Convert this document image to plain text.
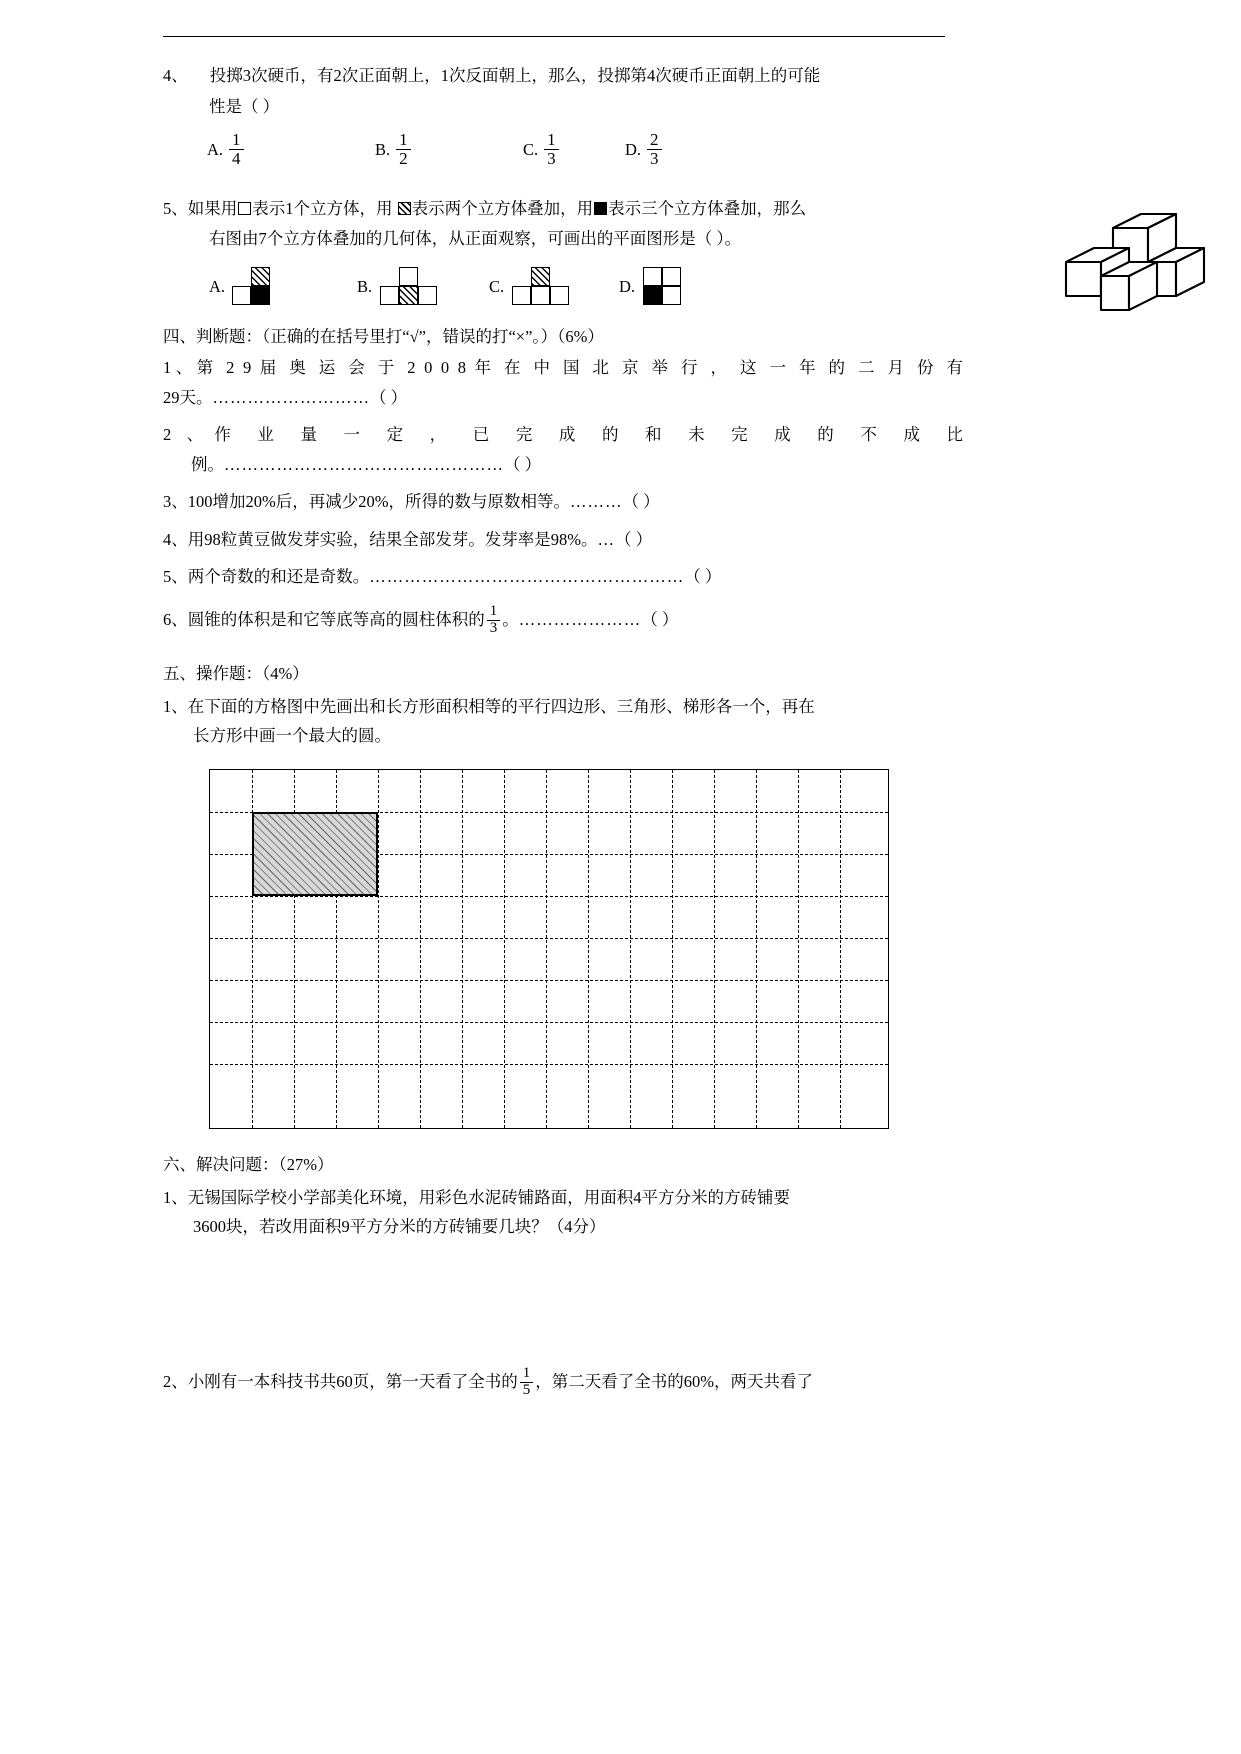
4、	投掷3次硬币，有2次正面朝上，1次反面朝上，那么，投掷第4次硬币正面朝上的可能
性是（ ）
A. $\frac{1}{4}$	B. $\frac{1}{2}$	C. $\frac{1}{3}$	D. $\frac{2}{3}$
5、如果用 表示1个立方体，用 表示两个立方体叠加，用 表示三个立方体叠加，那么
右图由7个立方体叠加的几何体，从正面观察，可画出的平面图形是（ ）。
A.	B.	C.	D.
四、判断题：（正确的在括号里打“√”，错误的打“×”。）（6%）
1、第 2 9 届 奥 运 会 于 2 0 0 8 年 在 中 国 北 京 举 行 ， 这 一 年 的 二 月 份 有
29天。………………………（ ）
2 、作 业 量 一 定 ， 已 完 成 的 和 未 完 成 的 不 成 比
例。…………………………………………（ ）
3、100增加20%后，再减少20%，所得的数与原数相等。………（ ）
4、用98粒黄豆做发芽实验，结果全部发芽。发芽率是98%。…（ ）
5、两个奇数的和还是奇数。………………………………………………（ ）
6、圆锥的体积是和它等底等高的圆柱体积的 $\frac{1}{3}$ 。…………………（ ）
五、操作题：（4%）
1、在下面的方格图中先画出和长方形面积相等的平行四边形、三角形、梯形各一个，再在
长方形中画一个最大的圆。
六、解决问题：（27%）
1、无锡国际学校小学部美化环境，用彩色水泥砖铺路面，用面积4平方分米的方砖铺要
3600块，若改用面积9平方分米的方砖铺要几块？（4分）
2、小刚有一本科技书共60页，第一天看了全书的 $\frac{1}{5}$ ，第二天看了全书的60%，两天共看了
